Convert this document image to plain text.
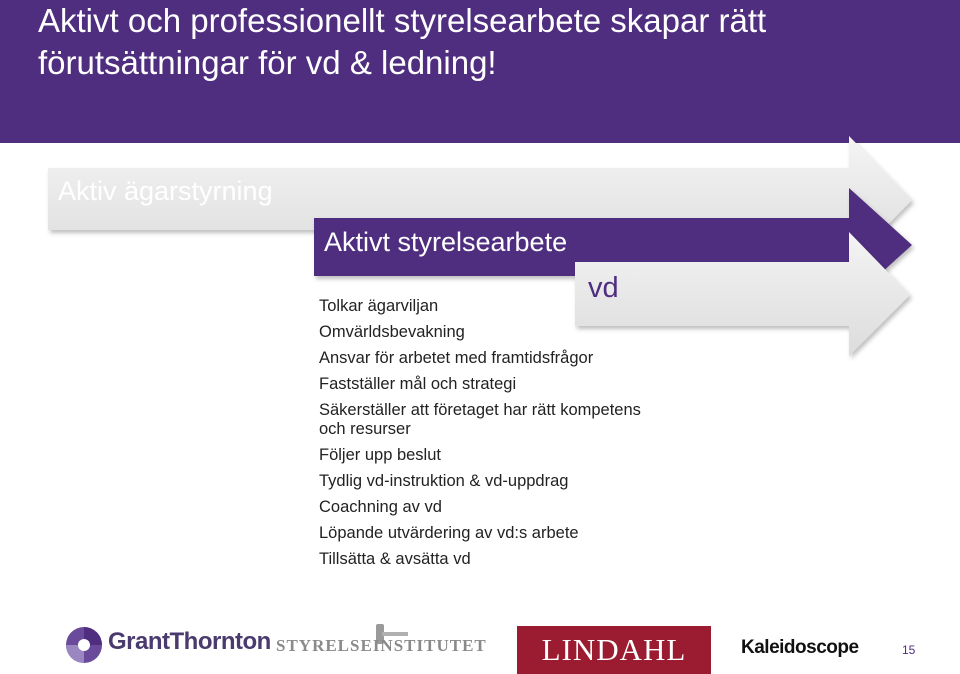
Aktivt och professionellt styrelsearbete skapar rätt förutsättningar för vd & ledning!
Aktiv ägarstyrning
Aktivt styrelsearbete
vd
Tolkar ägarviljan
Omvärldsbevakning
Ansvar för arbetet med framtidsfrågor
Fastställer mål och strategi
Säkerställer att företaget har rätt kompetens och resurser
Följer upp beslut
Tydlig vd-instruktion & vd-uppdrag
Coachning av vd
Löpande utvärdering av vd:s arbete
Tillsätta & avsätta vd
GrantThornton STYRELSEINSTITUTET	LINDAHL	Kaleidoscope	15
